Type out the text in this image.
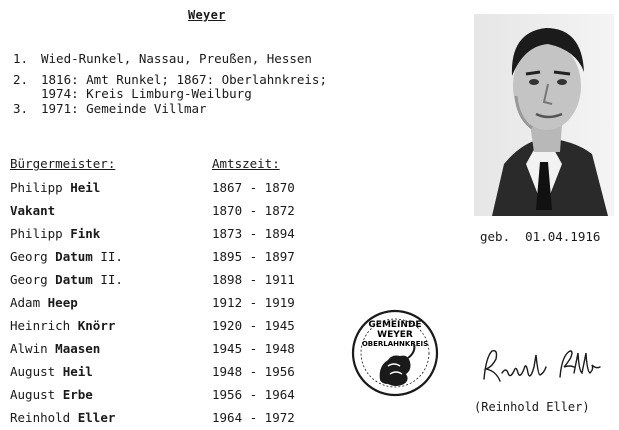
Weyer
1.	Wied-Runkel, Nassau, Preußen, Hessen
2.	1816: Amt Runkel; 1867: Oberlahnkreis;
1974: Kreis Limburg-Weilburg
3.	1971: Gemeinde Villmar
Bürgermeister:	Amtszeit:
Philipp Heil	1867 - 1870
Vakant	1870 - 1872
Philipp Fink	1873 - 1894
Georg Datum II.	1895 - 1897
Georg Datum II.	1898 - 1911
Adam Heep	1912 - 1919
Heinrich Knörr	1920 - 1945
Alwin Maasen	1945 - 1948
August Heil	1948 - 1956
August Erbe	1956 - 1964
Reinhold Eller	1964 - 1972
geb.  01.04.1916
GEMEINDE
WEYER
OBERLAHNKREIS
(Reinhold Eller)
